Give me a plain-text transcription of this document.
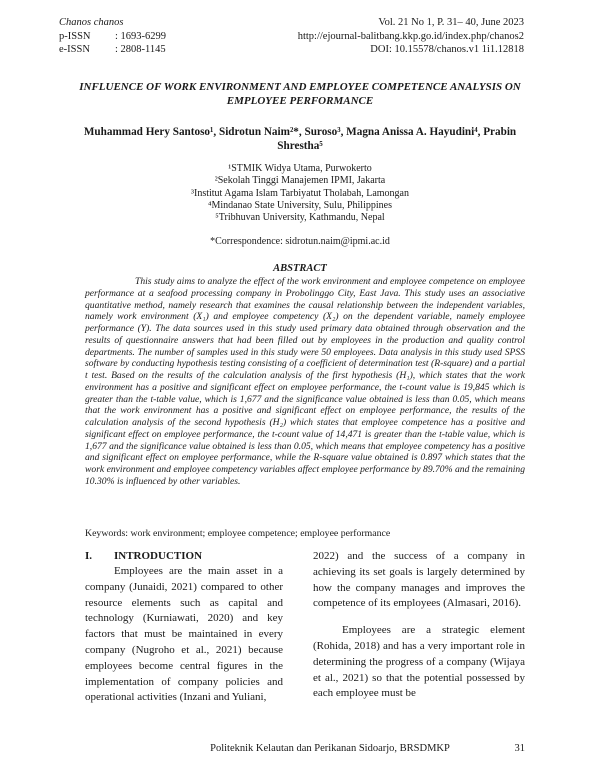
Chanos chanos
p-ISSN	: 1693-6299
e-ISSN	: 2808-1145
Vol. 21 No 1, P. 31– 40, June 2023
http://ejournal-balitbang.kkp.go.id/index.php/chanos2
DOI: 10.15578/chanos.v1 1i1.12818
INFLUENCE OF WORK ENVIRONMENT AND EMPLOYEE COMPETENCE ANALYSIS ON EMPLOYEE PERFORMANCE
Muhammad Hery Santoso¹, Sidrotun Naim²*, Suroso³, Magna Anissa A. Hayudini⁴, Prabin Shrestha⁵
¹STMIK Widya Utama, Purwokerto
²Sekolah Tinggi Manajemen IPMI, Jakarta
³Institut Agama Islam Tarbiyatut Tholabah, Lamongan
⁴Mindanao State University, Sulu, Philippines
⁵Tribhuvan University, Kathmandu, Nepal
*Correspondence: sidrotun.naim@ipmi.ac.id
ABSTRACT

This study aims to analyze the effect of the work environment and employee competence on employee performance at a seafood processing company in Probolinggo City, East Java. This study uses an associative quantitative method, namely research that examines the causal relationship between the independent variables, namely work environment (X₁) and employee competency (X₂) on the dependent variable, namely employee performance (Y). The data sources used in this study used primary data obtained through observation and the results of questionnaire answers that had been filled out by employees in the production and quality control departments. The number of samples used in this study were 50 employees. Data analysis in this study used SPSS software by conducting hypothesis testing consisting of a coefficient of determination test (R-square) and a partial t test. Based on the results of the calculation analysis of the first hypothesis (H₁), which states that the work environment has a positive and significant effect on employee performance, the t-count value is 19,845 which is greater than the t-table value, which is 1,677 and the significance value obtained is less than 0.05, which means that the work environment has a positive and significant effect on employee performance, the results of the calculation analysis of the second hypothesis (H₂) which states that employee competence has a positive and significant effect on employee performance, the t-count value of 14,471 is greater than the t-table value, which is 1,677 and the significance value obtained is less than 0.05, which means that employee competency has a positive and significant effect on employee performance, while the R-square value obtained is 0.897 which states that the work environment and employee competency variables affect employee performance by 89.70% and the remaining 10.30% is influenced by other variables.

Keywords: work environment; employee competence; employee performance
I. INTRODUCTION

Employees are the main asset in a company (Junaidi, 2021) compared to other resource elements such as capital and technology (Kurniawati, 2020) and key factors that must be maintained in every company (Nugroho et al., 2021) because employees become central figures in the implementation of company policies and operational activities (Inzani and Yuliani,

2022) and the success of a company in achieving its set goals is largely determined by how the company manages and improves the competence of its employees (Almasari, 2016).

Employees are a strategic element (Rohida, 2018) and has a very important role in determining the progress of a company (Wijaya et al., 2021) so that the potential possessed by each employee must be

Politeknik Kelautan dan Perikanan Sidoarjo, BRSDMKP	31
